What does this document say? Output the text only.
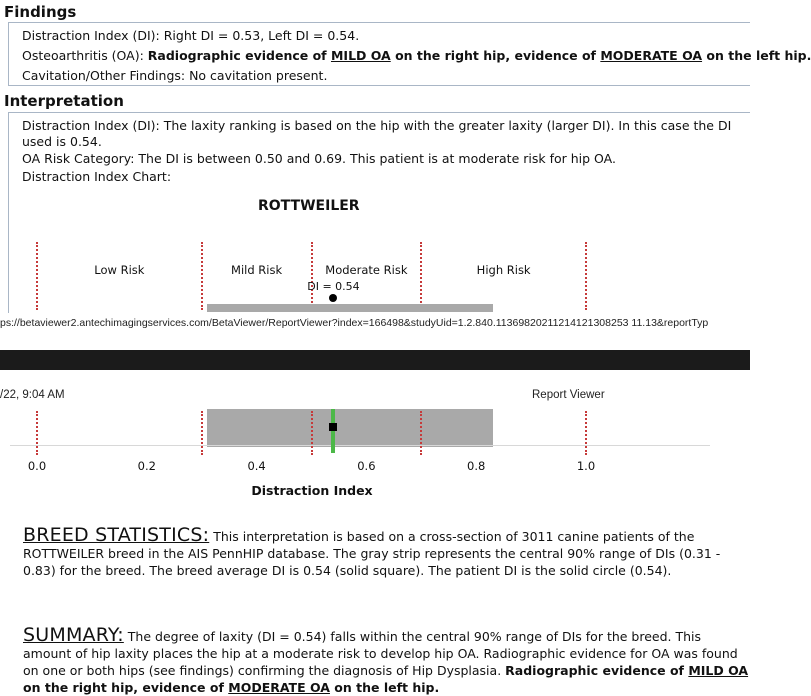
Findings
Distraction Index (DI): Right DI = 0.53, Left DI = 0.54.
Osteoarthritis (OA): Radiographic evidence of MILD OA on the right hip, evidence of MODERATE OA on the left hip.
Cavitation/Other Findings: No cavitation present.
Interpretation
Distraction Index (DI): The laxity ranking is based on the hip with the greater laxity (larger DI). In this case the DI used is 0.54.
OA Risk Category: The DI is between 0.50 and 0.69. This patient is at moderate risk for hip OA.
Distraction Index Chart:
ROTTWEILER
Low Risk	Mild Risk	Moderate Risk	High Risk
DI = 0.54
ps://betaviewer2.antechimagingservices.com/BetaViewer/ReportViewer?index=166498&studyUid=1.2.840.11369820211214121308253 11.13&reportTyp
/22, 9:04 AM	Report Viewer
0.0	0.2	0.4	0.6	0.8	1.0
Distraction Index
BREED STATISTICS: This interpretation is based on a cross-section of 3011 canine patients of the ROTTWEILER breed in the AIS PennHIP database. The gray strip represents the central 90% range of DIs (0.31 - 0.83) for the breed. The breed average DI is 0.54 (solid square). The patient DI is the solid circle (0.54).
SUMMARY: The degree of laxity (DI = 0.54) falls within the central 90% range of DIs for the breed. This amount of hip laxity places the hip at a moderate risk to develop hip OA. Radiographic evidence for OA was found on one or both hips (see findings) confirming the diagnosis of Hip Dysplasia. Radiographic evidence of MILD OA on the right hip, evidence of MODERATE OA on the left hip.
